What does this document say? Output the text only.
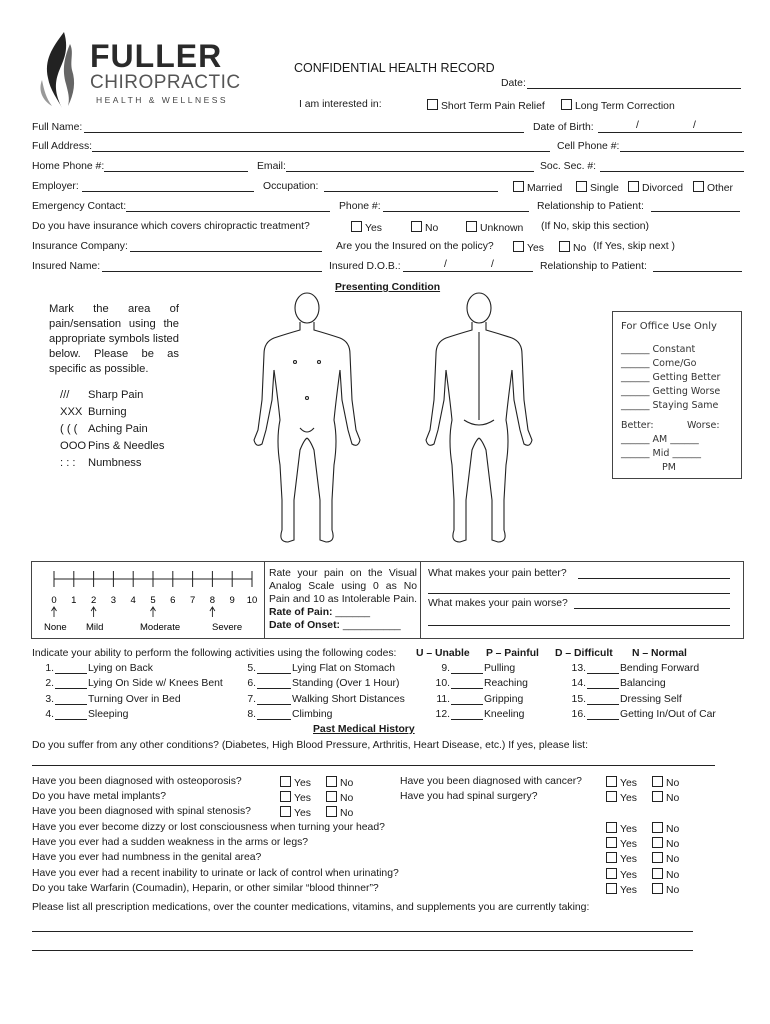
FULLER
CHIROPRACTIC
HEALTH & WELLNESS
CONFIDENTIAL HEALTH RECORD
Date:
I am interested in:	Short Term Pain Relief	Long Term Correction
Full Name:	Date of Birth:	/	/
Full Address:	Cell Phone #:
Home Phone #:	Email:	Soc. Sec. #:
Employer:	Occupation:	Married	Single	Divorced	Other
Emergency Contact:	Phone #:	Relationship to Patient:
Do you have insurance which covers chiropractic treatment?	Yes	No	Unknown (If No, skip this section)
Insurance Company:	Are you the Insured on the policy?	Yes	No (If Yes, skip next )
Insured Name:	Insured D.O.B.:	/	/	Relationship to Patient:
Presenting Condition
Mark the area of pain/sensation using the appropriate symbols listed below. Please be as specific as possible.
/// Sharp Pain
XXX Burning
( ( ( Aching Pain
OOO Pins & Needles
: : : Numbness
For Office Use Only
______ Constant
______ Come/Go
______ Getting Better
______ Getting Worse
______ Staying Same
Better:	Worse:
______ AM ______
______ Mid ______
PM
0 1 2 3 4 5 6 7 8 9 10
None Mild	Moderate	Severe
Rate your pain on the Visual Analog Scale using 0 as No Pain and 10 as Intolerable Pain. Rate of Pain: ______
Date of Onset: __________
What makes your pain better?
What makes your pain worse?
Indicate your ability to perform the following activities using the following codes: U – Unable P – Painful D – Difficult N – Normal
1.	Lying on Back
2.	Lying On Side w/ Knees Bent
3.	Turning Over in Bed
4.	Sleeping
5.	Lying Flat on Stomach
6.	Standing (Over 1 Hour)
7.	Walking Short Distances
8.	Climbing
9.	Pulling
10.	Reaching
11.	Gripping
12.	Kneeling
13.	Bending Forward
14.	Balancing
15.	Dressing Self
16.	Getting In/Out of Car
Past Medical History
Do you suffer from any other conditions? (Diabetes, High Blood Pressure, Arthritis, Heart Disease, etc.) If yes, please list:
Have you been diagnosed with osteoporosis?	Yes	No
Do you have metal implants?	Yes	No
Have you been diagnosed with spinal stenosis?	Yes	No
Have you been diagnosed with cancer?	Yes	No
Have you had spinal surgery?	Yes	No
Have you ever become dizzy or lost consciousness when turning your head?	Yes	No
Have you ever had a sudden weakness in the arms or legs?	Yes	No
Have you ever had numbness in the genital area?	Yes	No
Have you ever had a recent inability to urinate or lack of control when urinating?	Yes	No
Do you take Warfarin (Coumadin), Heparin, or other similar “blood thinner”?	Yes	No
Please list all prescription medications, over the counter medications, vitamins, and supplements you are currently taking:
